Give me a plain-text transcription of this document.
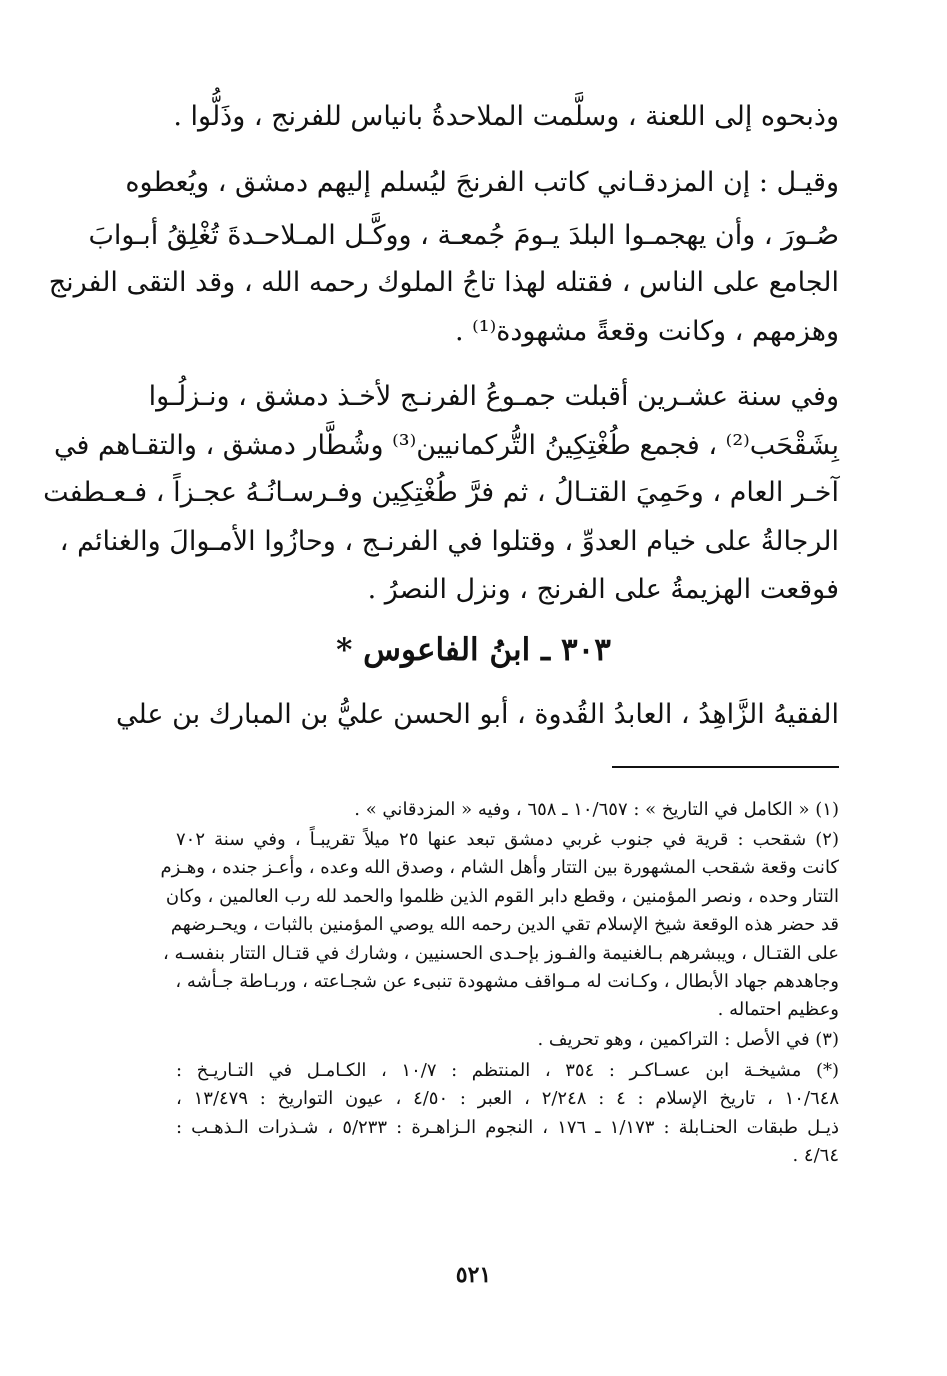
وذبحوه إلى اللعنة ، وسلَّمت الملاحدةُ بانياس للفرنج ، وذَلُّوا .
وقيـل : إن المزدقـاني كاتب الفرنجَ ليُسلم إليهم دمشق ، ويُعطوه
صُـورَ ، وأن يهجمـوا البلدَ يـومَ جُمعـة ، ووكَّـل المـلاحـدةَ تُغْلِقُ أبـوابَ
الجامع على الناس ، فقتله لهذا تاجُ الملوك رحمه الله ، وقد التقى الفرنج
وهزمهم ، وكانت وقعةً مشهودة⁽¹⁾ .
وفي سنة عشـرين أقبلت جمـوعُ الفرنـج لأخـذ دمشق ، ونـزلُـوا
بِشَقْحَب⁽²⁾ ، فجمع طُغْتِكِينُ التُّركمانيين⁽³⁾ وشُطَّار دمشق ، والتقـاهم في
آخـر العام ، وحَمِيَ القتـالُ ، ثم فرَّ طُغْتِكِين وفـرسـانُـهُ عجـزاً ، فـعـطفت
الرجالةُ على خيام العدوِّ ، وقتلوا في الفرنـج ، وحازُوا الأمـوالَ والغنائم ،
فوقعت الهزيمةُ على الفرنج ، ونزل النصرُ .
٣٠٣ ـ ابنُ الفاعوس *
الفقيهُ الزَّاهِدُ ، العابدُ القُدوة ، أبو الحسن عليُّ بن المبارك بن علي
(١) « الكامل في التاريخ » : ١٠/٦٥٧ ـ ٦٥٨ ، وفيه « المزدقاني » .
(٢) شقحب : قرية في جنوب غربي دمشق تبعد عنها ٢٥ ميلاً تقريبـاً ، وفي سنة ٧٠٢
كانت وقعة شقحب المشهورة بين التتار وأهل الشام ، وصدق الله وعده ، وأعـز جنده ، وهـزم
التتار وحده ، ونصر المؤمنين ، وقطع دابر القوم الذين ظلموا والحمد لله رب العالمين ، وكان
قد حضر هذه الوقعة شيخ الإسلام تقي الدين رحمه الله يوصي المؤمنين بالثبات ، ويحـرضهم
على القتـال ، ويبشرهم بـالغنيمة والفـوز بإحـدى الحسنيين ، وشارك في قتـال التتار بنفسـه ،
وجاهدهم جهاد الأبطال ، وكـانت له مـواقف مشهودة تنبىء عن شجـاعته ، وربـاطة جـأشه ،
وعظيم احتماله .
(٣) في الأصل : التراكمين ، وهو تحريف .
(*) مشيخـة ابن عسـاكـر : ٣٥٤ ، المنتظم : ١٠/٧ ، الكـامـل في التـاريـخ :
١٠/٦٤٨ ، تاريخ الإسلام : ٤ : ٢/٢٤٨ ، العبر : ٤/٥٠ ، عيون التواريخ : ١٣/٤٧٩ ،
ذيـل طبقات الحنـابلة : ١/١٧٣ ـ ١٧٦ ، النجوم الـزاهـرة : ٥/٢٣٣ ، شـذرات الـذهـب :
٤/٦٤ .
٥٢١
